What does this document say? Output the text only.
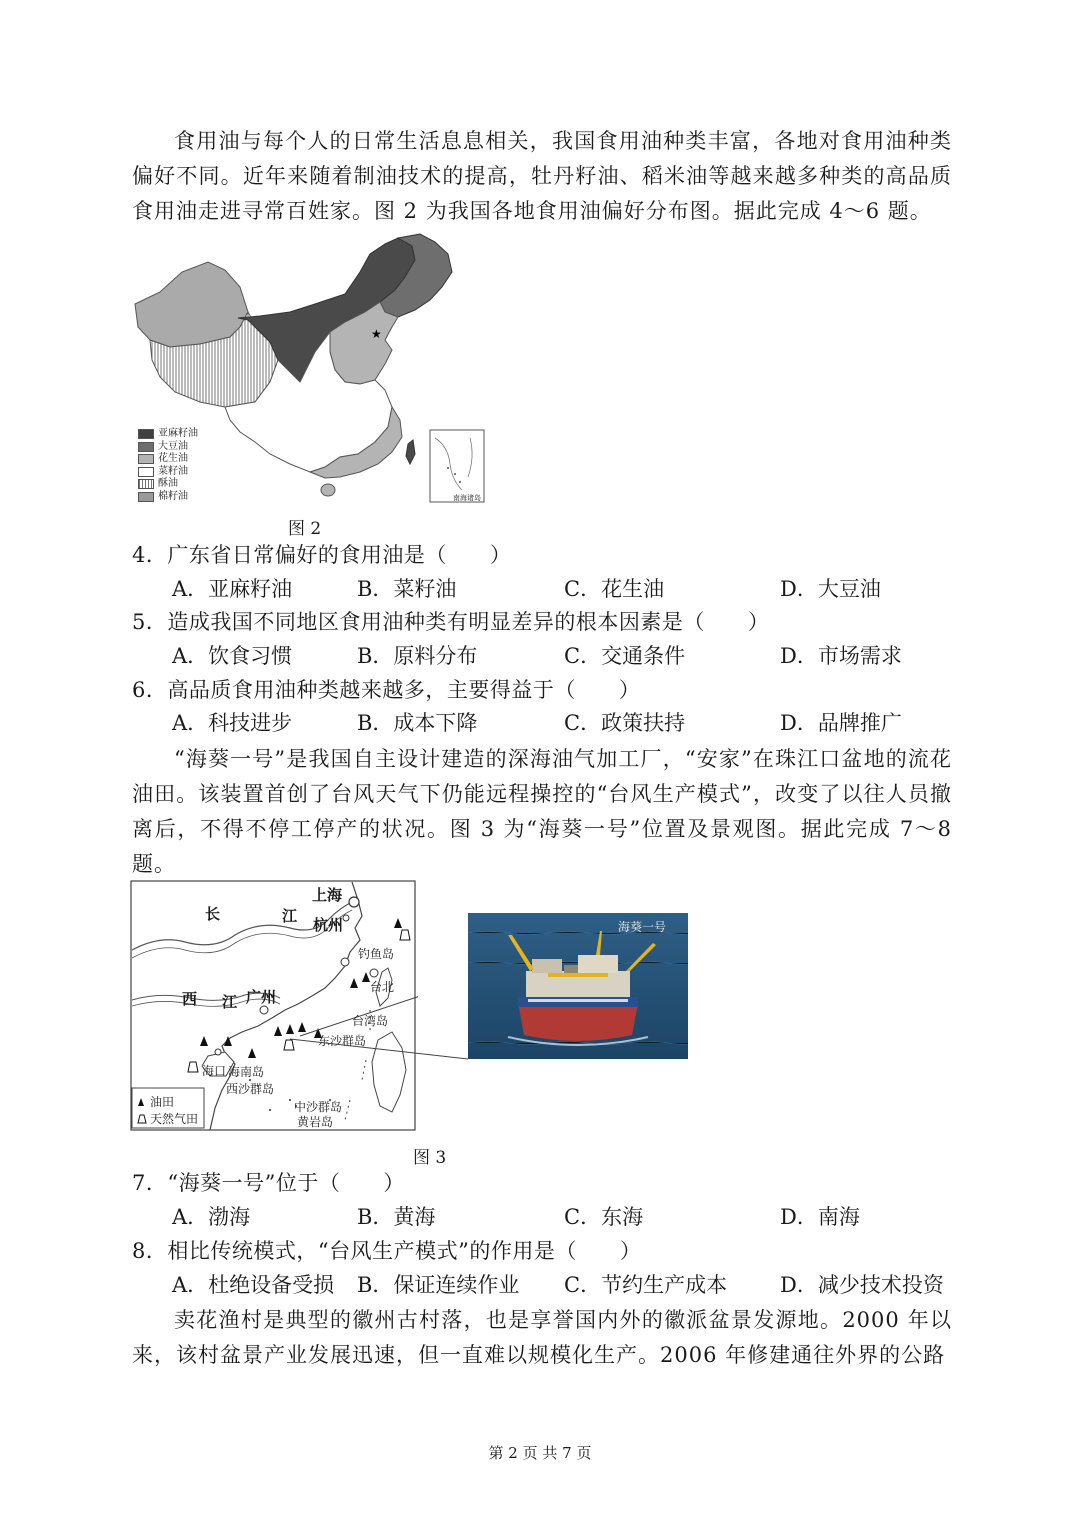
食用油与每个人的日常生活息息相关，我国食用油种类丰富，各地对食用油种类偏好不同。近年来随着制油技术的提高，牡丹籽油、稻米油等越来越多种类的高品质食用油走进寻常百姓家。图 2 为我国各地食用油偏好分布图。据此完成 4～6 题。
★
南海诸岛
亚麻籽油
大豆油
花生油
菜籽油
酥油
棉籽油
图 2
4．广东省日常偏好的食用油是（　　）
A．亚麻籽油	B．菜籽油	C．花生油	D．大豆油
5．造成我国不同地区食用油种类有明显差异的根本因素是（　　）
A．饮食习惯	B．原料分布	C．交通条件	D．市场需求
6．高品质食用油种类越来越多，主要得益于（　　）
A．科技进步	B．成本下降	C．政策扶持	D．品牌推广
“海葵一号”是我国自主设计建造的深海油气加工厂，“安家”在珠江口盆地的流花油田。该装置首创了台风天气下仍能远程操控的“台风生产模式”，改变了以往人员撤离后，不得不停工停产的状况。图 3 为“海葵一号”位置及景观图。据此完成 7～8 题。
上海
长	江 杭州
钓鱼岛
西 江 广州
台北
台湾岛
东沙群岛
海口 海南岛
西沙群岛
中沙群岛
黄岩岛
油田
天然气田
海葵一号
图 3
7．“海葵一号”位于（　　）
A．渤海	B．黄海	C．东海	D．南海
8．相比传统模式，“台风生产模式”的作用是（　　）
A．杜绝设备受损 B．保证连续作业 C．节约生产成本	D．减少技术投资
卖花渔村是典型的徽州古村落，也是享誉国内外的徽派盆景发源地。2000 年以来，该村盆景产业发展迅速，但一直难以规模化生产。2006 年修建通往外界的公路
第 2 页 共 7 页
